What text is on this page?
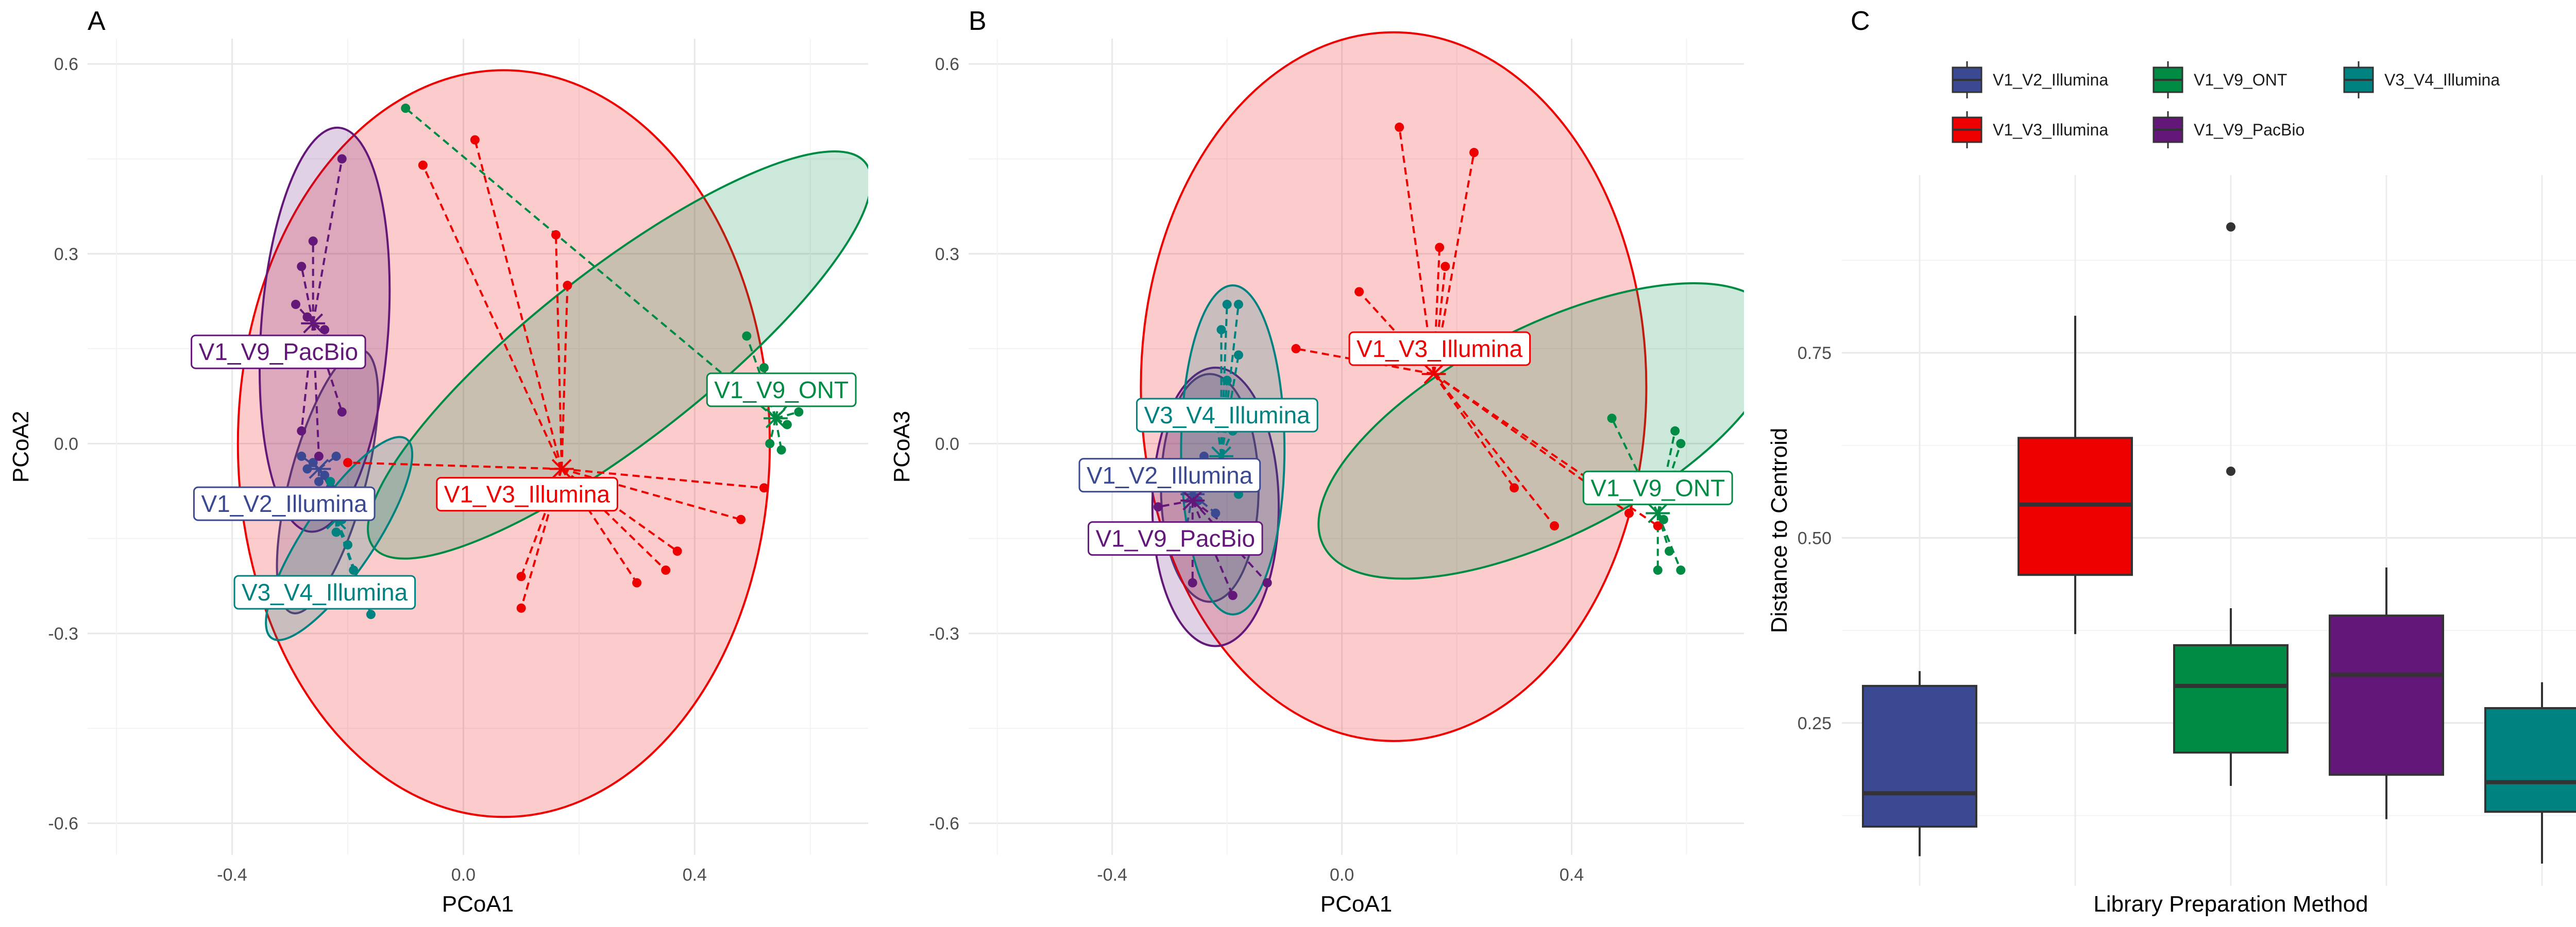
-0.4	0.0	0.4
-0.6
-0.3
0.0
0.3
0.6
PCoA1
PCoA2
A
V1_V2_Illumina	V1_V3_Illumina
V1_V9_ONT
V1_V9_PacBio
V3_V4_Illumina
-0.4	0.0	0.4
-0.6
-0.3
0.0
0.3
0.6
PCoA1
PCoA3
B
V1_V2_Illumina
V1_V3_Illumina
V1_V9_ONT
V1_V9_PacBio
V3_V4_Illumina
0.25
0.50
0.75
Library Preparation Method
Distance to Centroid
C
V1_V2_Illumina	V1_V9_ONT	V3_V4_Illumina
V1_V3_Illumina	V1_V9_PacBio
